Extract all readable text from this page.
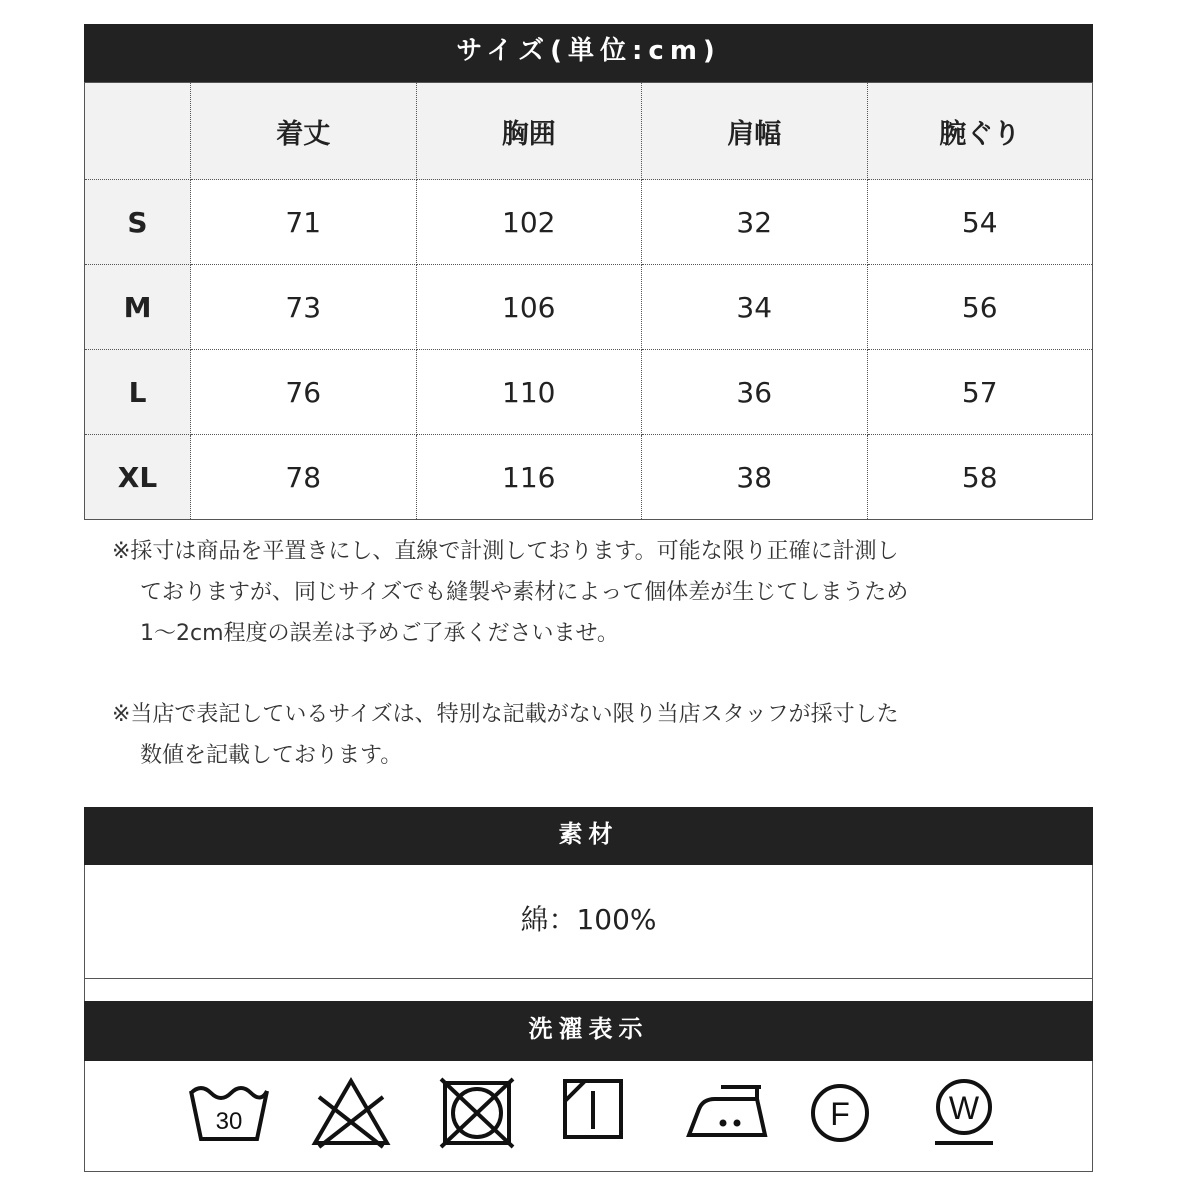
サイズ(単位:cm)
	着丈	胸囲	肩幅	腕ぐり
S	71	102	32	54
M	73	106	34	56
L	76	110	36	57
XL	78	116	38	58
※採寸は商品を平置きにし、直線で計測しております。可能な限り正確に計測し
ておりますが、同じサイズでも縫製や素材によって個体差が生じてしまうため
1〜2cm程度の誤差は予めご了承くださいませ。
※当店で表記しているサイズは、特別な記載がない限り当店スタッフが採寸した
数値を記載しております。
素材
綿：100%
洗濯表示
30	F	W
